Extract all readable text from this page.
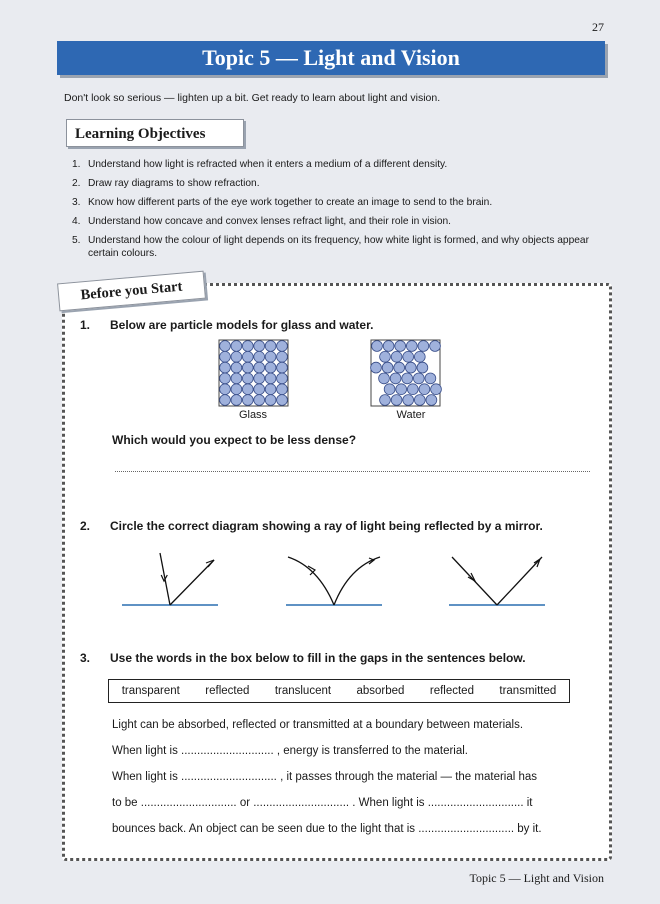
27
Topic 5 — Light and Vision
Don't look so serious — lighten up a bit. Get ready to learn about light and vision.
Learning Objectives
1. Understand how light is refracted when it enters a medium of a different density.
2. Draw ray diagrams to show refraction.
3. Know how different parts of the eye work together to create an image to send to the brain.
4. Understand how concave and convex lenses refract light, and their role in vision.
5. Understand how the colour of light depends on its frequency, how white light is formed, and why objects appear certain colours.
Before you Start
1. Below are particle models for glass and water.
Glass	Water
Which would you expect to be less dense?
2. Circle the correct diagram showing a ray of light being reflected by a mirror.
3. Use the words in the box below to fill in the gaps in the sentences below.
transparent reflected translucent absorbed reflected transmitted
Light can be absorbed, reflected or transmitted at a boundary between materials.
When light is ............................. , energy is transferred to the material.
When light is .............................. , it passes through the material — the material has
to be .............................. or .............................. . When light is .............................. it
bounces back. An object can be seen due to the light that is .............................. by it.
Topic 5 — Light and Vision
